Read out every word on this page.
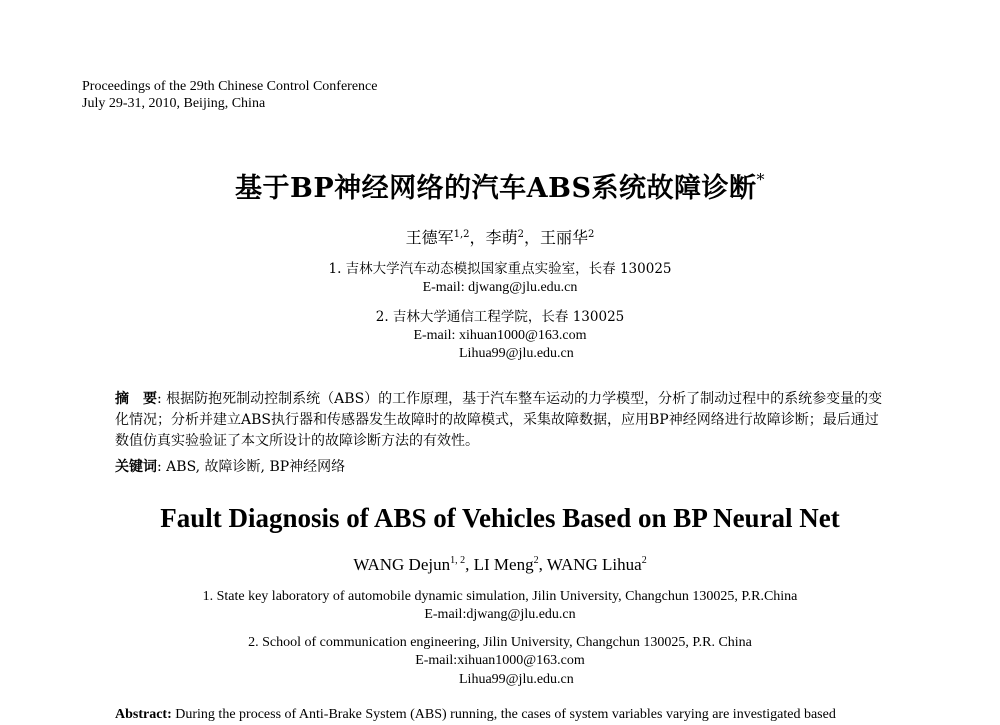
Proceedings of the 29th Chinese Control Conference
July 29-31, 2010, Beijing, China
基于BP神经网络的汽车ABS系统故障诊断*
王德军$^{1,2}$，李萌$^2$，王丽华$^2$
1. 吉林大学汽车动态模拟国家重点实验室，长春 130025
E-mail: djwang@jlu.edu.cn
2. 吉林大学通信工程学院，长春 130025
E-mail: xihuan1000@163.com
Lihua99@jlu.edu.cn
摘　要: 根据防抱死制动控制系统（ABS）的工作原理，基于汽车整车运动的力学模型，分析了制动过程中的系统参变量的变化情况；分析并建立ABS执行器和传感器发生故障时的故障模式，采集故障数据，应用BP神经网络进行故障诊断；最后通过数值仿真实验验证了本文所设计的故障诊断方法的有效性。
关键词: ABS, 故障诊断, BP神经网络
Fault Diagnosis of ABS of Vehicles Based on BP Neural Net
WANG Dejun$^{1, 2}$, LI Meng$^2$, WANG Lihua$^2$
1. State key laboratory of automobile dynamic simulation, Jilin University, Changchun 130025, P.R.China
E-mail:djwang@jlu.edu.cn
2. School of communication engineering, Jilin University, Changchun 130025, P.R. China
E-mail:xihuan1000@163.com
Lihua99@jlu.edu.cn
Abstract: During the process of Anti-Brake System (ABS) running, the cases of system variables varying are investigated based
